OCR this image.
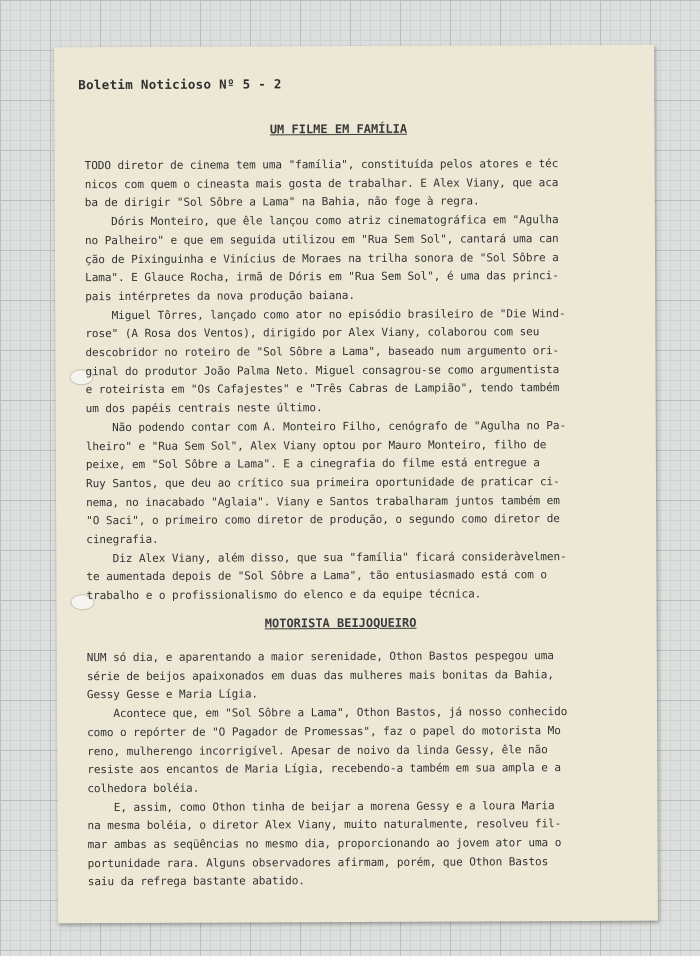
Boletim Noticioso Nº 5 - 2
UM FILME EM FAMÍLIA
TODO diretor de cinema tem uma "família", constituída pelos atores e téc
nicos com quem o cineasta mais gosta de trabalhar. E Alex Viany, que aca
ba de dirigir "Sol Sôbre a Lama" na Bahia, não foge à regra.
Dóris Monteiro, que êle lançou como atriz cinematográfica em "Agulha
no Palheiro" e que em seguida utilizou em "Rua Sem Sol", cantará uma can
ção de Pixinguinha e Vinícius de Moraes na trilha sonora de "Sol Sôbre a
Lama". E Glauce Rocha, irmã de Dóris em "Rua Sem Sol", é uma das princi-
pais intérpretes da nova produção baiana.
Miguel Tôrres, lançado como ator no episódio brasileiro de "Die Wind-
rose" (A Rosa dos Ventos), dirigido por Alex Viany, colaborou com seu
descobridor no roteiro de "Sol Sôbre a Lama", baseado num argumento ori-
ginal do produtor João Palma Neto. Miguel consagrou-se como argumentista
e roteirista em "Os Cafajestes" e "Três Cabras de Lampião", tendo também
um dos papéis centrais neste último.
Não podendo contar com A. Monteiro Filho, cenógrafo de "Agulha no Pa-
lheiro" e "Rua Sem Sol", Alex Viany optou por Mauro Monteiro, filho de
peixe, em "Sol Sôbre a Lama". E a cinegrafia do filme está entregue a
Ruy Santos, que deu ao crítico sua primeira oportunidade de praticar ci-
nema, no inacabado "Aglaia". Viany e Santos trabalharam juntos também em
"O Saci", o primeiro como diretor de produção, o segundo como diretor de
cinegrafia.
Diz Alex Viany, além disso, que sua "família" ficará consideràvelmen-
te aumentada depois de "Sol Sôbre a Lama", tão entusiasmado está com o
trabalho e o profissionalismo do elenco e da equipe técnica.
MOTORISTA BEIJOQUEIRO
NUM só dia, e aparentando a maior serenidade, Othon Bastos pespegou uma
série de beijos apaixonados em duas das mulheres mais bonitas da Bahia,
Gessy Gesse e Maria Lígia.
Acontece que, em "Sol Sôbre a Lama", Othon Bastos, já nosso conhecido
como o repórter de "O Pagador de Promessas", faz o papel do motorista Mo
reno, mulherengo incorrigível. Apesar de noivo da linda Gessy, êle não
resiste aos encantos de Maria Lígia, recebendo-a também em sua ampla e a
colhedora boléia.
E, assim, como Othon tinha de beijar a morena Gessy e a loura Maria
na mesma boléia, o diretor Alex Viany, muito naturalmente, resolveu fil-
mar ambas as seqüências no mesmo dia, proporcionando ao jovem ator uma o
portunidade rara. Alguns observadores afirmam, porém, que Othon Bastos
saiu da refrega bastante abatido.
